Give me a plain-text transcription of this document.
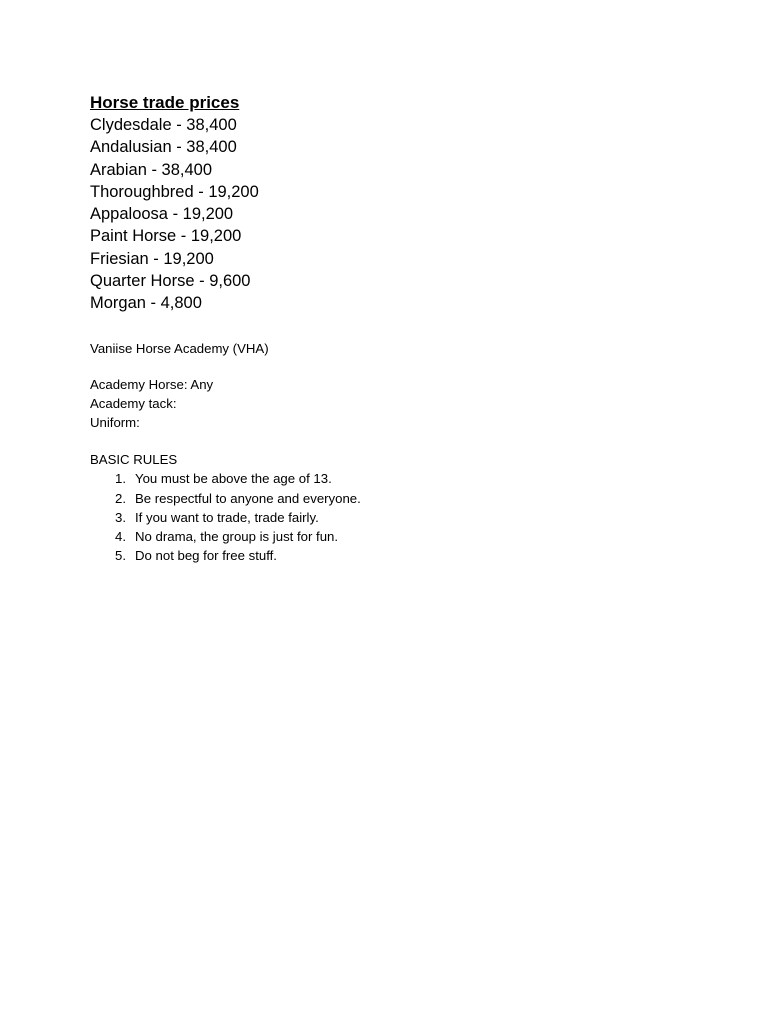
Horse trade prices
Clydesdale - 38,400
Andalusian - 38,400
Arabian - 38,400
Thoroughbred - 19,200
Appaloosa - 19,200
Paint Horse - 19,200
Friesian - 19,200
Quarter Horse - 9,600
Morgan - 4,800
Vaniise Horse Academy (VHA)
Academy Horse: Any
Academy tack:
Uniform:
BASIC RULES
1 . You must be above the age of 13.
2 . Be respectful to anyone and everyone.
3 . If you want to trade, trade fairly.
4 . No drama, the group is just for fun.
5 . Do not beg for free stuff.
